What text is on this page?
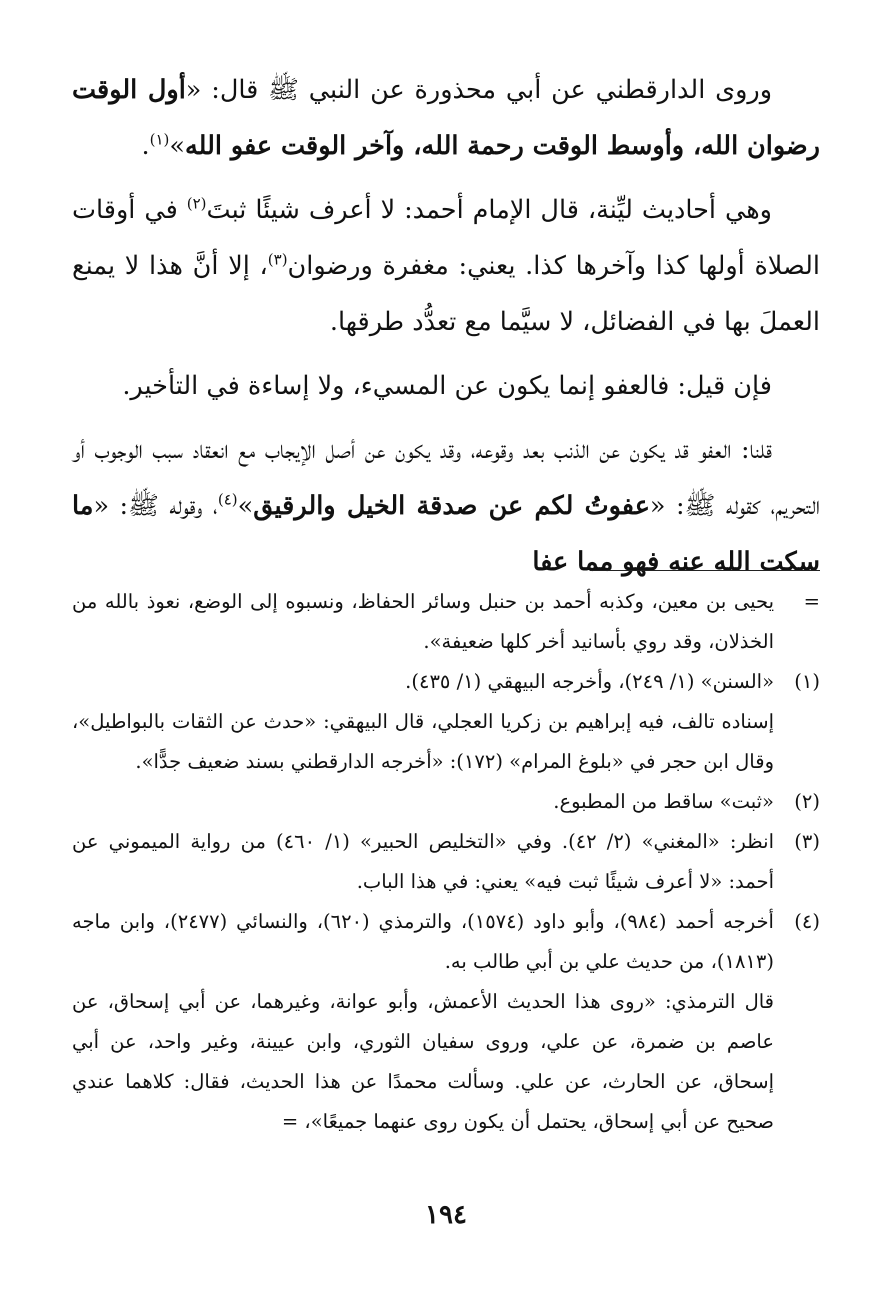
وروى الدارقطني عن أبي محذورة عن النبي ﷺ قال: «أول الوقت رضوان الله، وأوسط الوقت رحمة الله، وآخر الوقت عفو الله»$^{(١)}$.

وهي أحاديث ليِّنة، قال الإمام أحمد: لا أعرف شيئًا ثبتَ$^{(٢)}$ في أوقات الصلاة أولها كذا وآخرها كذا. يعني: مغفرة ورضوان$^{(٣)}$، إلا أنَّ هذا لا يمنع العملَ بها في الفضائل، لا سيَّما مع تعدُّد طرقها.

فإن قيل: فالعفو إنما يكون عن المسيء، ولا إساءة في التأخير.

قلنا: العفو قد يكون عن الذنب بعد وقوعه، وقد يكون عن أصل الإيجاب مع انعقاد سبب الوجوب أو التحريم، كقوله ﷺ: «عفوتُ لكم عن صدقة الخيل والرقيق»$^{(٤)}$، وقوله ﷺ: «ما سكت الله عنه فهو مما عفا

=
يحيى بن معين، وكذبه أحمد بن حنبل وسائر الحفاظ، ونسبوه إلى الوضع، نعوذ بالله من الخذلان، وقد روي بأسانيد أخر كلها ضعيفة».
(١)
«السنن» (١/ ٢٤٩)، وأخرجه البيهقي (١/ ٤٣٥).
إسناده تالف، فيه إبراهيم بن زكريا العجلي، قال البيهقي: «حدث عن الثقات بالبواطيل»، وقال ابن حجر في «بلوغ المرام» (١٧٢): «أخرجه الدارقطني بسند ضعيف جدًّا».
(٢)
«ثبت» ساقط من المطبوع.
(٣)
انظر: «المغني» (٢/ ٤٢). وفي «التخليص الحبير» (١/ ٤٦٠) من رواية الميموني عن أحمد: «لا أعرف شيئًا ثبت فيه» يعني: في هذا الباب.
(٤)
أخرجه أحمد (٩٨٤)، وأبو داود (١٥٧٤)، والترمذي (٦٢٠)، والنسائي (٢٤٧٧)، وابن ماجه (١٨١٣)، من حديث علي بن أبي طالب به.
قال الترمذي: «روى هذا الحديث الأعمش، وأبو عوانة، وغيرهما، عن أبي إسحاق، عن عاصم بن ضمرة، عن علي، وروى سفيان الثوري، وابن عيينة، وغير واحد، عن أبي إسحاق، عن الحارث، عن علي. وسألت محمدًا عن هذا الحديث، فقال: كلاهما عندي صحيح عن أبي إسحاق، يحتمل أن يكون روى عنهما جميعًا»، =
١٩٤
